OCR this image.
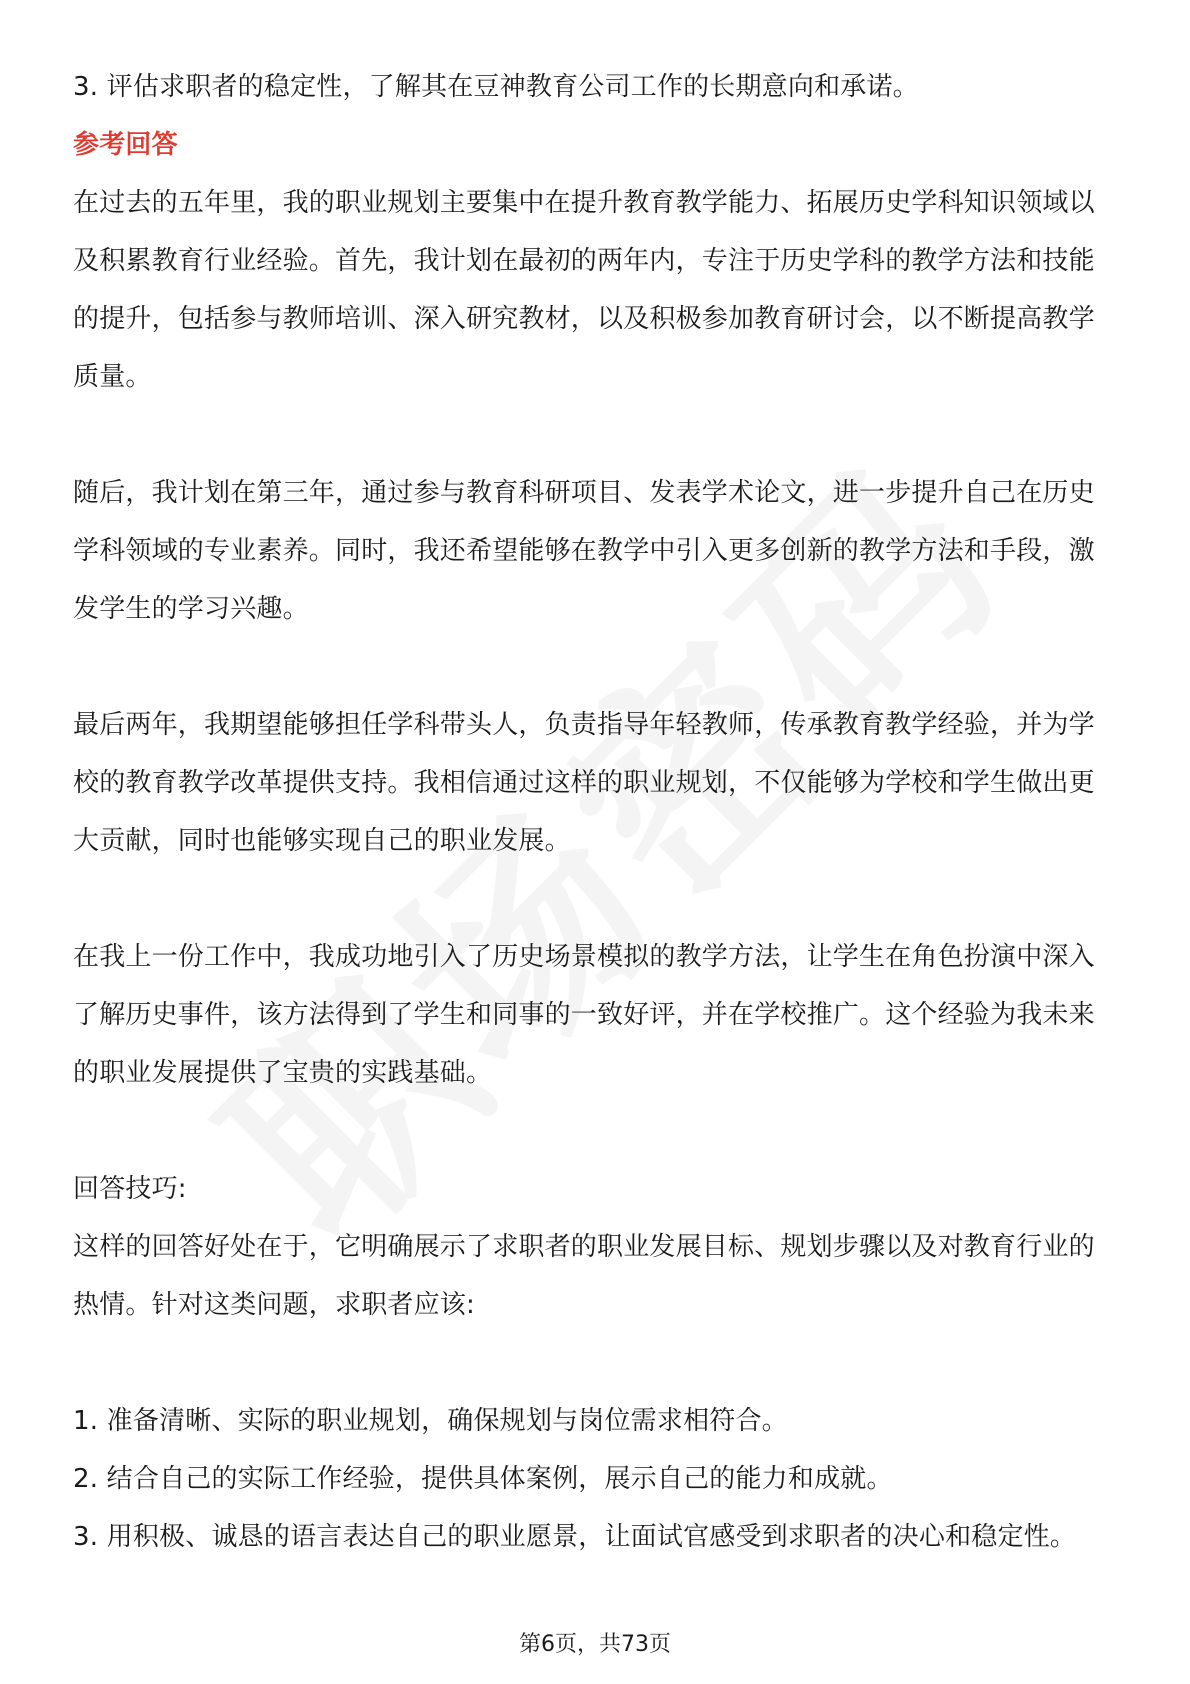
3. 评估求职者的稳定性，了解其在豆神教育公司工作的长期意向和承诺。

参考回答

在过去的五年里，我的职业规划主要集中在提升教育教学能力、拓展历史学科知识领域以及积累教育行业经验。首先，我计划在最初的两年内，专注于历史学科的教学方法和技能的提升，包括参与教师培训、深入研究教材，以及积极参加教育研讨会，以不断提高教学质量。

随后，我计划在第三年，通过参与教育科研项目、发表学术论文，进一步提升自己在历史学科领域的专业素养。同时，我还希望能够在教学中引入更多创新的教学方法和手段，激发学生的学习兴趣。

最后两年，我期望能够担任学科带头人，负责指导年轻教师，传承教育教学经验，并为学校的教育教学改革提供支持。我相信通过这样的职业规划，不仅能够为学校和学生做出更大贡献，同时也能够实现自己的职业发展。

在我上一份工作中，我成功地引入了历史场景模拟的教学方法，让学生在角色扮演中深入了解历史事件，该方法得到了学生和同事的一致好评，并在学校推广。这个经验为我未来的职业发展提供了宝贵的实践基础。

回答技巧:

这样的回答好处在于，它明确展示了求职者的职业发展目标、规划步骤以及对教育行业的热情。针对这类问题，求职者应该:

1. 准备清晰、实际的职业规划，确保规划与岗位需求相符合。

2. 结合自己的实际工作经验，提供具体案例，展示自己的能力和成就。

3. 用积极、诚恳的语言表达自己的职业愿景，让面试官感受到求职者的决心和稳定性。

第6页，共73页
